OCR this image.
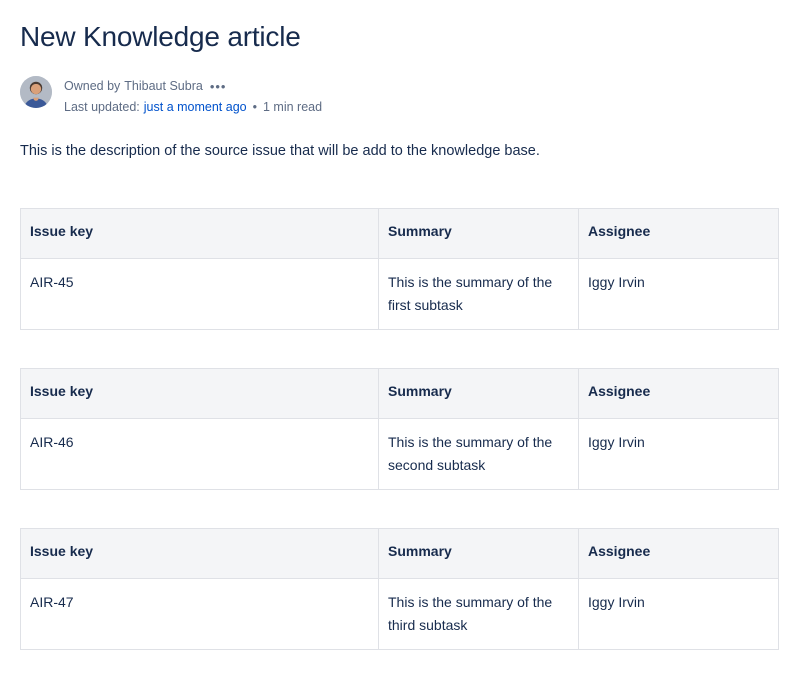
New Knowledge article
Owned by Thibaut Subra •••
Last updated: just a moment ago • 1 min read

This is the description of the source issue that will be add to the knowledge base.

Issue key	Summary	Assignee
AIR-45	This is the summary of the first subtask	Iggy Irvin
Issue key	Summary	Assignee
AIR-46	This is the summary of the second subtask	Iggy Irvin
Issue key	Summary	Assignee
AIR-47	This is the summary of the third subtask	Iggy Irvin
